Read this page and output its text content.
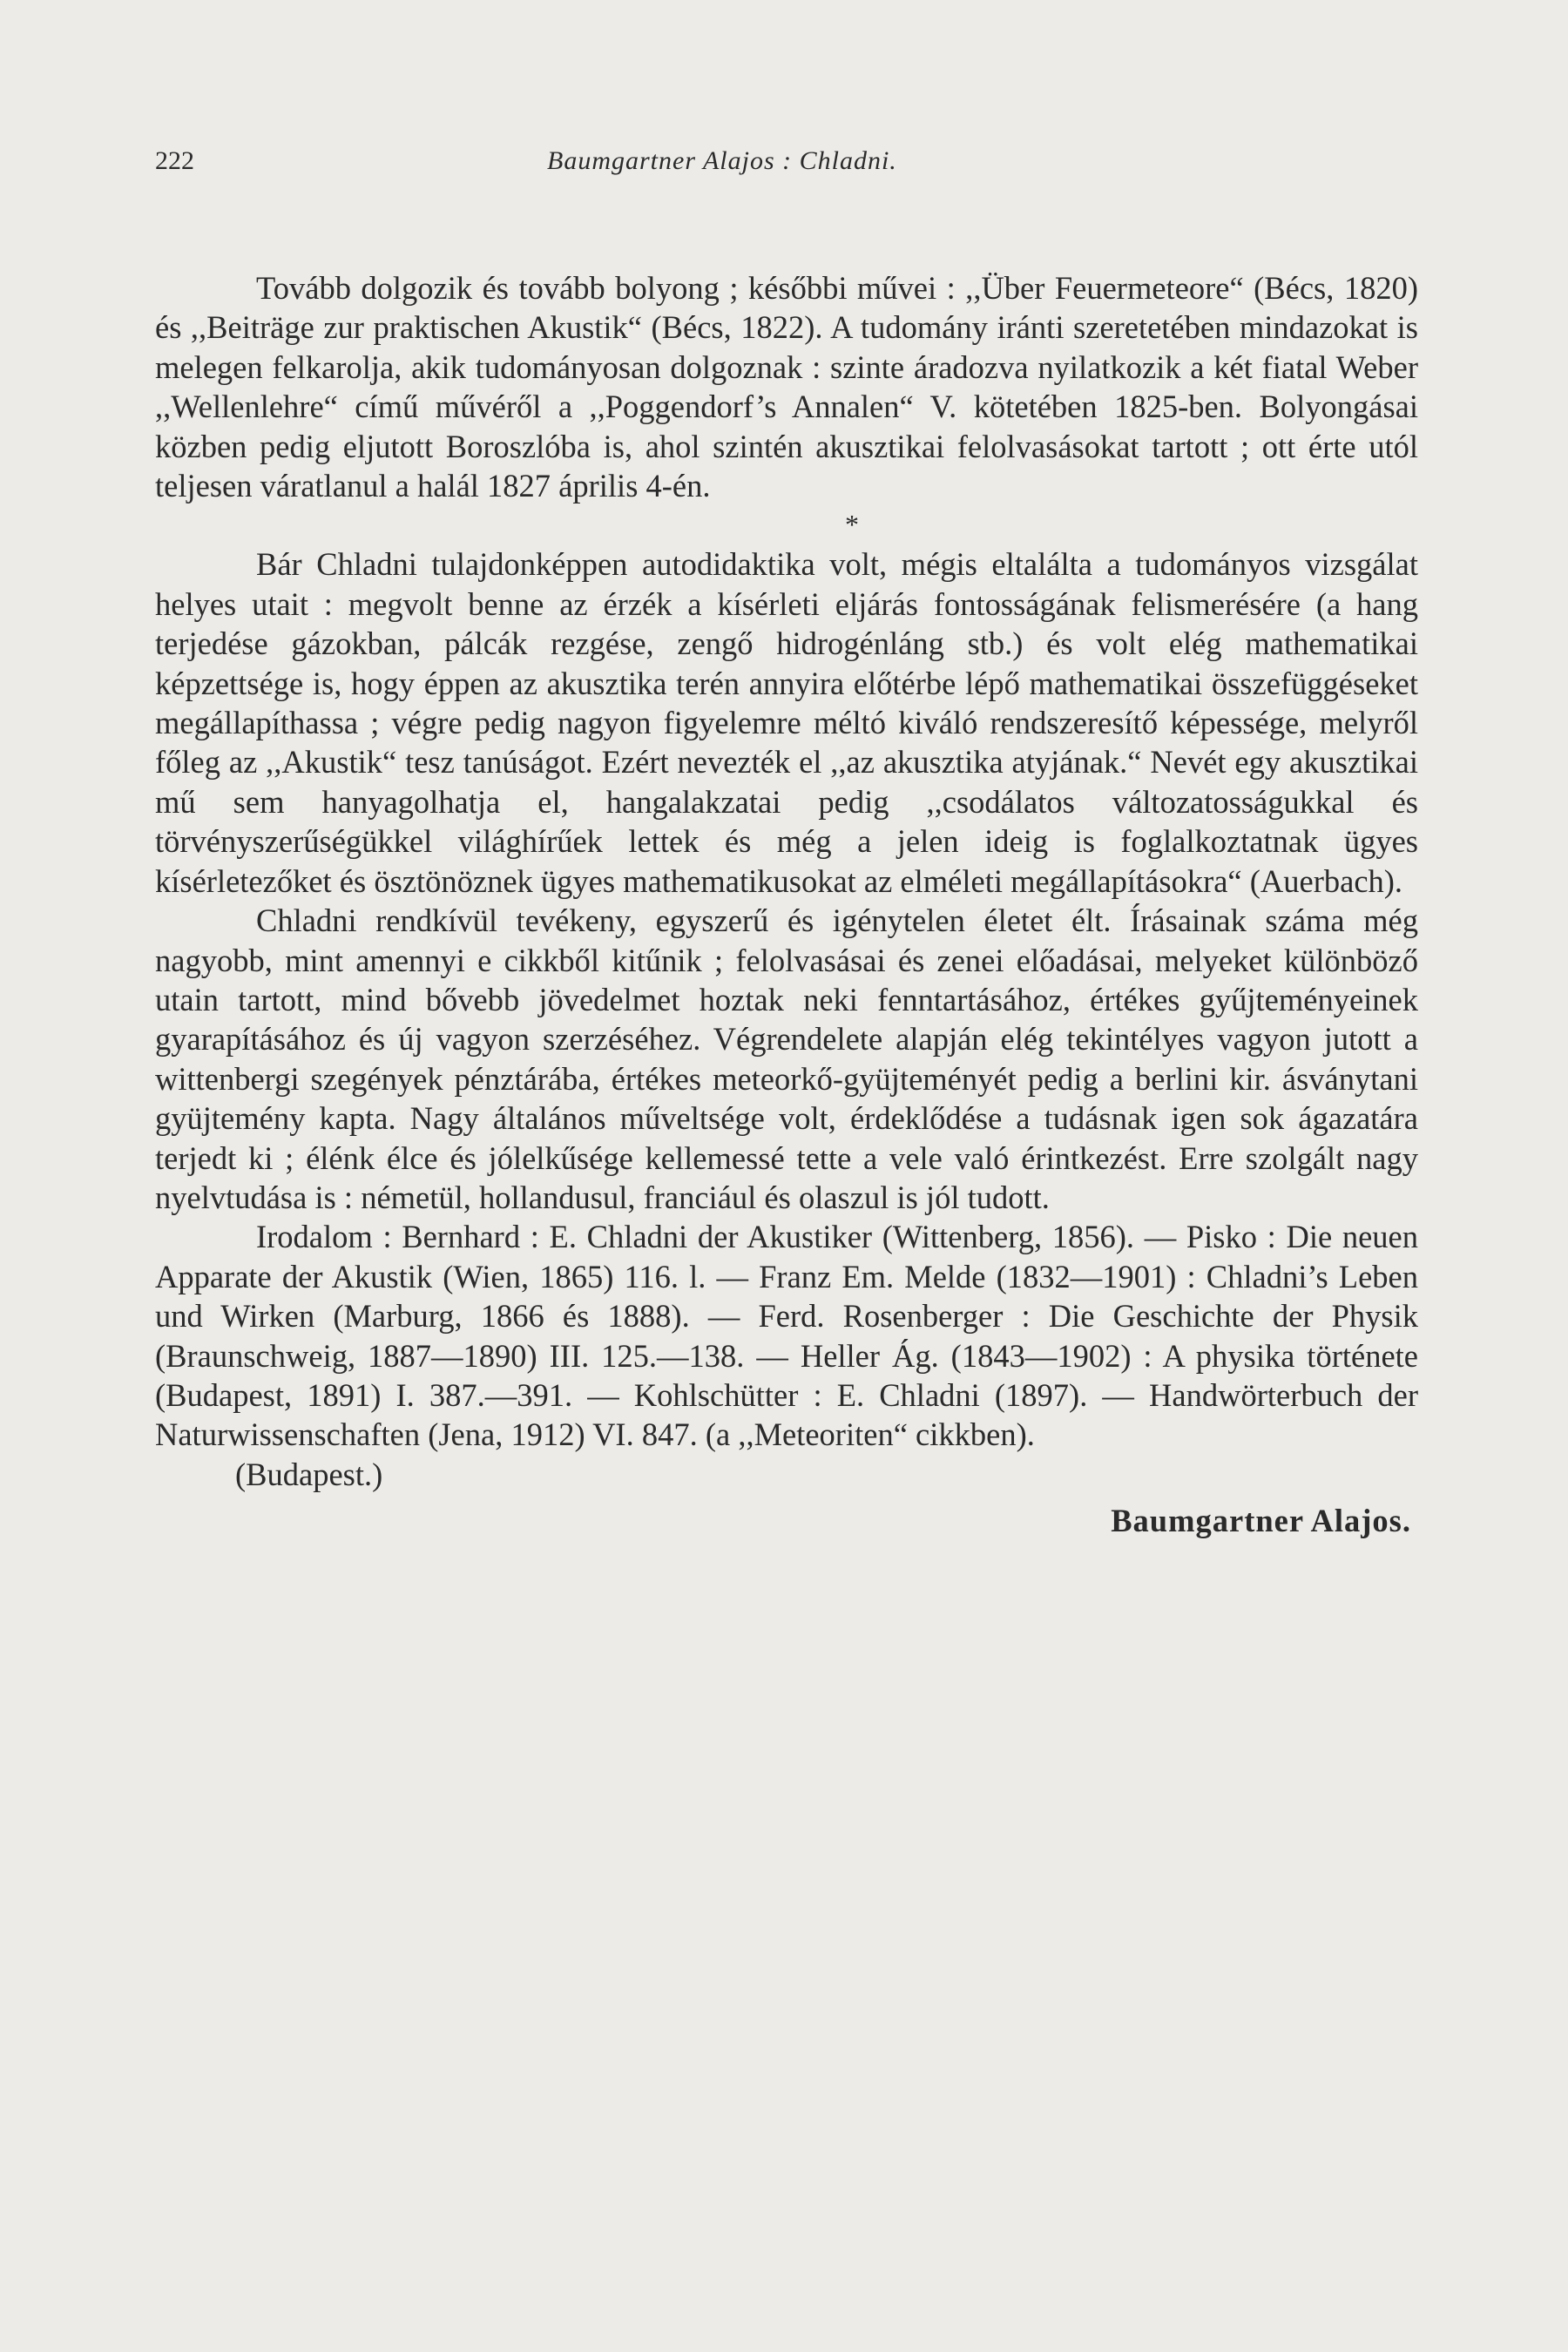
222	Baumgartner Alajos : Chladni.

Tovább dolgozik és tovább bolyong ; későbbi művei : ,,Über Feuermeteore“ (Bécs, 1820) és ,,Beiträge zur praktischen Akustik“ (Bécs, 1822). A tudomány iránti szeretetében mindazokat is melegen felkarolja, akik tudományosan dolgoznak : szinte áradozva nyilatkozik a két fiatal Weber ,,Wellenlehre“ című művéről a ,,Poggendorf’s Annalen“ V. kötetében 1825-ben. Bolyongásai közben pedig eljutott Boroszlóba is, ahol szintén akusztikai felolvasásokat tartott ; ott érte utól teljesen váratlanul a halál 1827 április 4-én.

*

Bár Chladni tulajdonképpen autodidaktika volt, mégis eltalálta a tudományos vizsgálat helyes utait : megvolt benne az érzék a kísérleti eljárás fontosságának felismerésére (a hang terjedése gázokban, pálcák rezgése, zengő hidrogénláng stb.) és volt elég mathematikai képzettsége is, hogy éppen az akusztika terén annyira előtérbe lépő mathematikai összefüggéseket megállapíthassa ; végre pedig nagyon figyelemre méltó kiváló rendszeresítő képessége, melyről főleg az ,,Akustik“ tesz tanúságot. Ezért nevezték el ,,az akusztika atyjának.“ Nevét egy akusztikai mű sem hanyagolhatja el, hangalakzatai pedig ,,csodálatos változatosságukkal és törvényszerűségükkel világhírűek lettek és még a jelen ideig is foglalkoztatnak ügyes kísérletezőket és ösztönöznek ügyes mathematikusokat az elméleti megállapításokra“ (Auerbach).

Chladni rendkívül tevékeny, egyszerű és igénytelen életet élt. Írásainak száma még nagyobb, mint amennyi e cikkből kitűnik ; felolvasásai és zenei előadásai, melyeket különböző utain tartott, mind bővebb jövedelmet hoztak neki fenntartásához, értékes gyűjteményeinek gyarapításához és új vagyon szerzéséhez. Végrendelete alapján elég tekintélyes vagyon jutott a wittenbergi szegények pénztárába, értékes meteorkő-gyüjteményét pedig a berlini kir. ásványtani gyüjtemény kapta. Nagy általános műveltsége volt, érdeklődése a tudásnak igen sok ágazatára terjedt ki ; élénk élce és jólelkűsége kellemessé tette a vele való érintkezést. Erre szolgált nagy nyelvtudása is : németül, hollandusul, franciául és olaszul is jól tudott.

Irodalom : Bernhard : E. Chladni der Akustiker (Wittenberg, 1856). — Pisko : Die neuen Apparate der Akustik (Wien, 1865) 116. l. — Franz Em. Melde (1832—1901) : Chladni’s Leben und Wirken (Marburg, 1866 és 1888). — Ferd. Rosenberger : Die Geschichte der Physik (Braunschweig, 1887—1890) III. 125.—138. — Heller Ág. (1843—1902) : A physika története (Budapest, 1891) I. 387.—391. — Kohlschütter : E. Chladni (1897). — Handwörterbuch der Naturwissenschaften (Jena, 1912) VI. 847. (a ,,Meteoriten“ cikkben).

(Budapest.)

Baumgartner Alajos.
